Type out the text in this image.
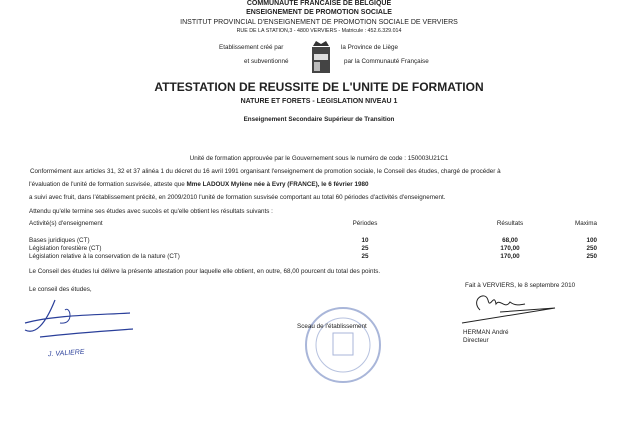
COMMUNAUTE FRANCAISE DE BELGIQUE
ENSEIGNEMENT DE PROMOTION SOCIALE
INSTITUT PROVINCIAL D'ENSEIGNEMENT DE PROMOTION SOCIALE DE VERVIERS
RUE DE LA STATION,3 - 4800 VERVIERS - Matricule : 452.6.329.014
Etablissement créé par	la Province de Liège
et subventionné	par la Communauté Française
ATTESTATION DE REUSSITE DE L'UNITE DE FORMATION
NATURE ET FORETS - LEGISLATION NIVEAU 1
Enseignement Secondaire Supérieur de Transition
Unité de formation approuvée par le Gouvernement sous le numéro de code : 150003U21C1
Conformément aux articles 31, 32 et 37 alinéa 1 du décret du 16 avril 1991 organisant l'enseignement de promotion sociale, le Conseil des études, chargé de procéder à
l'évaluation de l'unité de formation susvisée, atteste que Mme LADOUX Mylène née à Evry (FRANCE), le 6 février 1980
a suivi avec fruit, dans l'établissement précité, en 2009/2010 l'unité de formation susvisée comportant au total 60 périodes d'activités d'enseignement.
Attendu qu'elle termine ses études avec succès et qu'elle obtient les résultats suivants :
Activité(s) d'enseignement	Périodes	Résultats	Maxima
Bases juridiques (CT)	10	68,00	100
Législation forestière (CT)	25	170,00	250
Législation relative à la conservation de la nature (CT)	25	170,00	250
Le Conseil des études lui délivre la présente attestation pour laquelle elle obtient, en outre, 68,00 pourcent du total des points.
Le conseil des études,
Fait à VERVIERS, le 8 septembre 2010
J. VALIERE
Sceau de l'établissement
HERMAN André
Directeur
